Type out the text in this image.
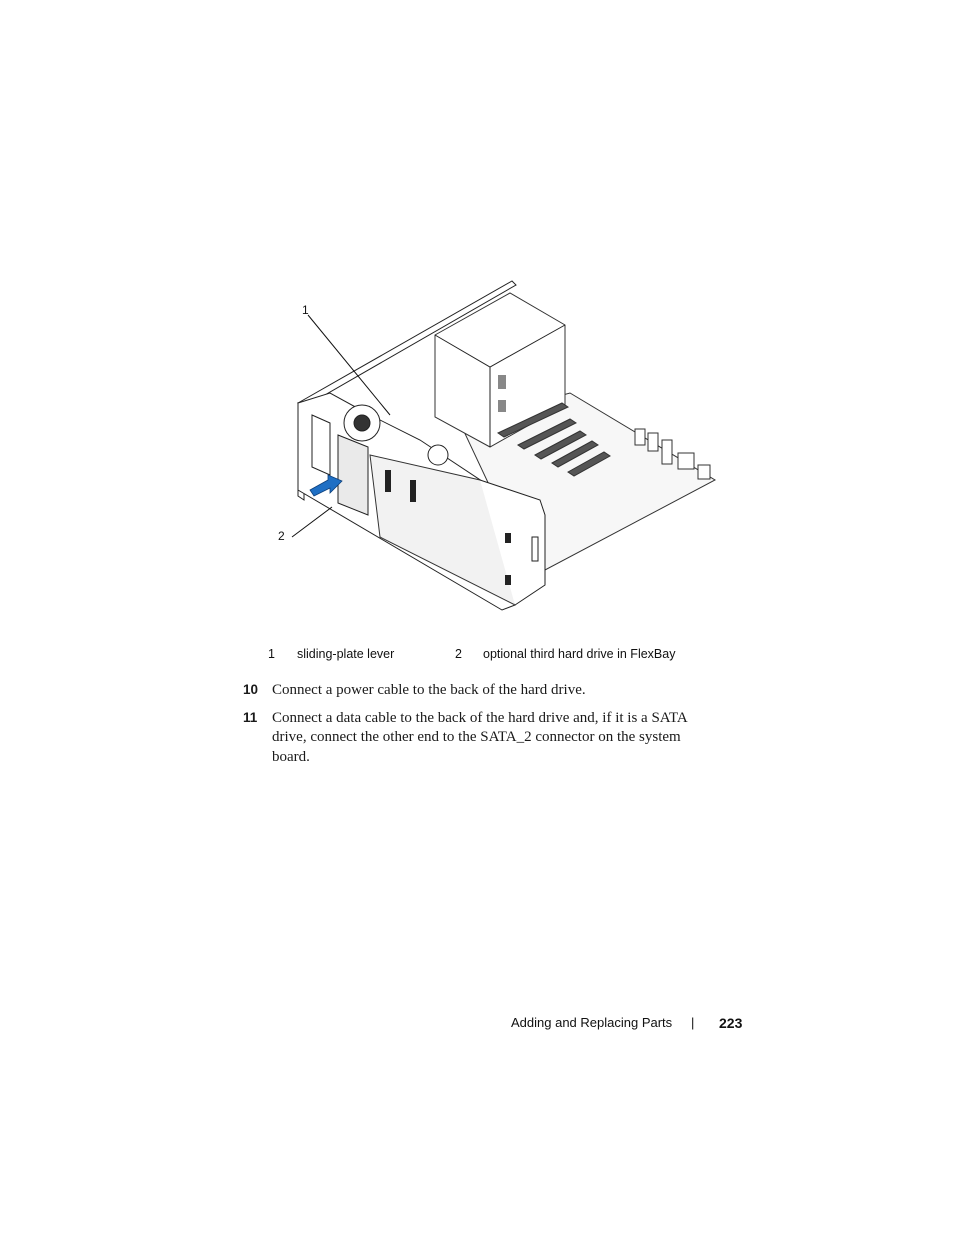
1
2
1 sliding-plate lever	2 optional third hard drive in FlexBay
10 Connect a power cable to the back of the hard drive.
11 Connect a data cable to the back of the hard drive and, if it is a SATA drive, connect the other end to the SATA_2 connector on the system board.
Adding and Replacing Parts | 223
